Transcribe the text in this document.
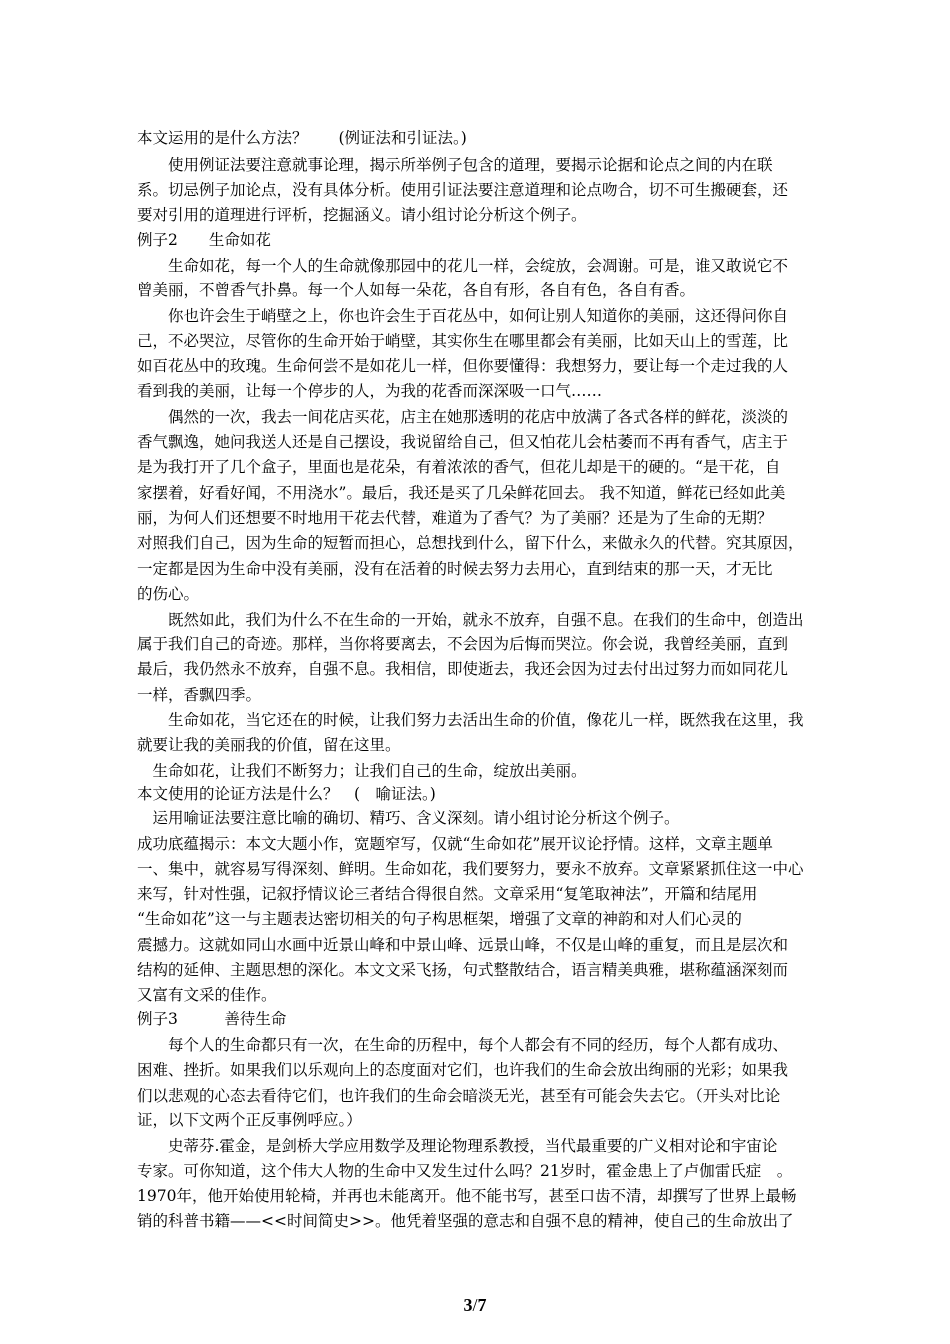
本文运用的是什么方法？　　(例证法和引证法。)
　　使用例证法要注意就事论理，揭示所举例子包含的道理，要揭示论据和论点之间的内在联
系。切忌例子加论点，没有具体分析。使用引证法要注意道理和论点吻合，切不可生搬硬套，还
要对引用的道理进行评析，挖掘涵义。请小组讨论分析这个例子。
例子2　　生命如花
　　生命如花，每一个人的生命就像那园中的花儿一样，会绽放，会凋谢。可是，谁又敢说它不
曾美丽，不曾香气扑鼻。每一个人如每一朵花，各自有形，各自有色，各自有香。
　　你也许会生于峭壁之上，你也许会生于百花丛中，如何让别人知道你的美丽，这还得问你自
己，不必哭泣，尽管你的生命开始于峭壁，其实你生在哪里都会有美丽，比如天山上的雪莲，比
如百花丛中的玫瑰。生命何尝不是如花儿一样，但你要懂得：我想努力，要让每一个走过我的人
看到我的美丽，让每一个停步的人，为我的花香而深深吸一口气……
　　偶然的一次，我去一间花店买花，店主在她那透明的花店中放满了各式各样的鲜花，淡淡的
香气飘逸，她问我送人还是自己摆设，我说留给自己，但又怕花儿会枯萎而不再有香气，店主于
是为我打开了几个盒子，里面也是花朵，有着浓浓的香气，但花儿却是干的硬的。“是干花，自
家摆着，好看好闻，不用浇水”。最后，我还是买了几朵鲜花回去。 我不知道，鲜花已经如此美
丽，为何人们还想要不时地用干花去代替，难道为了香气？为了美丽？还是为了生命的无期？
对照我们自己，因为生命的短暂而担心，总想找到什么，留下什么，来做永久的代替。究其原因，
一定都是因为生命中没有美丽，没有在活着的时候去努力去用心，直到结束的那一天，才无比
的伤心。
　　既然如此，我们为什么不在生命的一开始，就永不放弃，自强不息。在我们的生命中，创造出
属于我们自己的奇迹。那样，当你将要离去，不会因为后悔而哭泣。你会说，我曾经美丽，直到
最后，我仍然永不放弃，自强不息。我相信，即使逝去，我还会因为过去付出过努力而如同花儿
一样，香飘四季。
　　生命如花，当它还在的时候，让我们努力去活出生命的价值，像花儿一样，既然我在这里，我
就要让我的美丽我的价值，留在这里。
　生命如花，让我们不断努力；让我们自己的生命，绽放出美丽。
本文使用的论证方法是什么？　(　喻证法。)
　运用喻证法要注意比喻的确切、精巧、含义深刻。请小组讨论分析这个例子。
成功底蕴揭示：本文大题小作，宽题窄写，仅就“生命如花”展开议论抒情。这样，文章主题单
一、集中，就容易写得深刻、鲜明。生命如花，我们要努力，要永不放弃。文章紧紧抓住这一中心
来写，针对性强，记叙抒情议论三者结合得很自然。文章采用“复笔取神法”，开篇和结尾用
“生命如花”这一与主题表达密切相关的句子构思框架，增强了文章的神韵和对人们心灵的
震撼力。这就如同山水画中近景山峰和中景山峰、远景山峰，不仅是山峰的重复，而且是层次和
结构的延伸、主题思想的深化。本文文采飞扬，句式整散结合，语言精美典雅，堪称蕴涵深刻而
又富有文采的佳作。
例子3　　　善待生命
　　每个人的生命都只有一次，在生命的历程中，每个人都会有不同的经历，每个人都有成功、
困难、挫折。如果我们以乐观向上的态度面对它们，也许我们的生命会放出绚丽的光彩；如果我
们以悲观的心态去看待它们，也许我们的生命会暗淡无光，甚至有可能会失去它。（开头对比论
证，以下文两个正反事例呼应。）
　　史蒂芬.霍金，是剑桥大学应用数学及理论物理系教授，当代最重要的广义相对论和宇宙论
专家。可你知道，这个伟大人物的生命中又发生过什么吗？21岁时，霍金患上了卢伽雷氏症　。
1970年，他开始使用轮椅，并再也未能离开。他不能书写，甚至口齿不清，却撰写了世界上最畅
销的科普书籍——<<时间简史>>。他凭着坚强的意志和自强不息的精神，使自己的生命放出了
3/7
